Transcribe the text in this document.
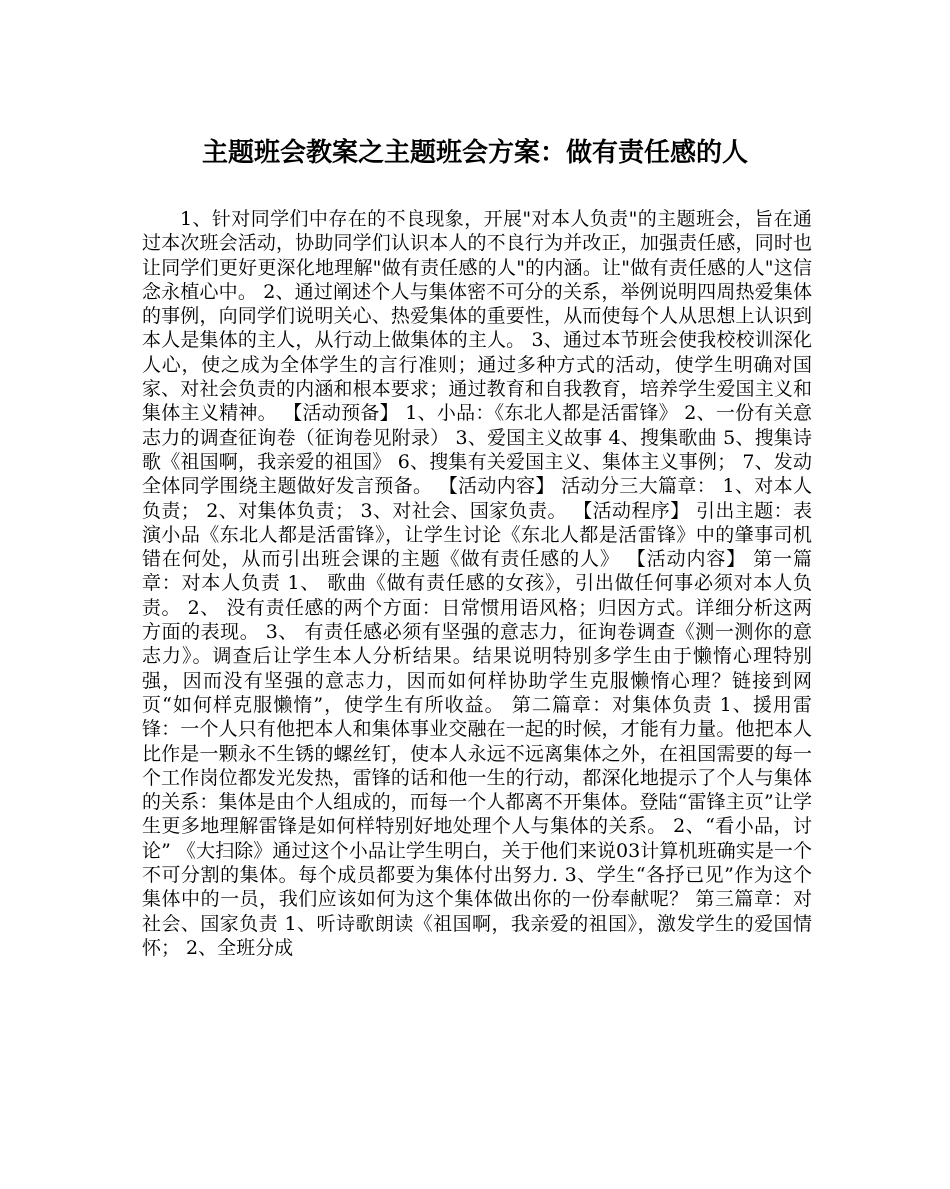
主题班会教案之主题班会方案：做有责任感的人
1、针对同学们中存在的不良现象，开展"对本人负责"的主题班会，旨在通过本次班会活动，协助同学们认识本人的不良行为并改正，加强责任感，同时也让同学们更好更深化地理解"做有责任感的人"的内涵。让"做有责任感的人"这信念永植心中。 2、通过阐述个人与集体密不可分的关系，举例说明四周热爱集体的事例，向同学们说明关心、热爱集体的重要性，从而使每个人从思想上认识到本人是集体的主人，从行动上做集体的主人。 3、通过本节班会使我校校训深化人心，使之成为全体学生的言行准则；通过多种方式的活动，使学生明确对国家、对社会负责的内涵和根本要求；通过教育和自我教育，培养学生爱国主义和集体主义精神。 【活动预备】 1、小品：《东北人都是活雷锋》 2、一份有关意志力的调查征询卷（征询卷见附录） 3、爱国主义故事 4、搜集歌曲 5、搜集诗歌《祖国啊，我亲爱的祖国》 6、搜集有关爱国主义、集体主义事例； 7、发动全体同学围绕主题做好发言预备。 【活动内容】 活动分三大篇章： 1、对本人负责； 2、对集体负责； 3、对社会、国家负责。 【活动程序】 引出主题：表演小品《东北人都是活雷锋》，让学生讨论《东北人都是活雷锋》中的肇事司机错在何处，从而引出班会课的主题《做有责任感的人》 【活动内容】 第一篇章：对本人负责 1、 歌曲《做有责任感的女孩》，引出做任何事必须对本人负责。 2、 没有责任感的两个方面：日常惯用语风格；归因方式。详细分析这两方面的表现。 3、 有责任感必须有坚强的意志力，征询卷调查《测一测你的意志力》。调查后让学生本人分析结果。结果说明特别多学生由于懒惰心理特别强，因而没有坚强的意志力，因而如何样协助学生克服懒惰心理？链接到网页“如何样克服懒惰”，使学生有所收益。 第二篇章：对集体负责 1、援用雷锋：一个人只有他把本人和集体事业交融在一起的时候，才能有力量。他把本人比作是一颗永不生锈的螺丝钉，使本人永远不远离集体之外，在祖国需要的每一个工作岗位都发光发热，雷锋的话和他一生的行动，都深化地提示了个人与集体的关系：集体是由个人组成的，而每一个人都离不开集体。登陆“雷锋主页”让学生更多地理解雷锋是如何样特别好地处理个人与集体的关系。 2、“看小品，讨论” 《大扫除》通过这个小品让学生明白，关于他们来说03计算机班确实是一个不可分割的集体。每个成员都要为集体付出努力. 3、学生“各抒已见”作为这个集体中的一员，我们应该如何为这个集体做出你的一份奉献呢？ 第三篇章：对社会、国家负责 1、听诗歌朗读《祖国啊，我亲爱的祖国》，激发学生的爱国情怀； 2、全班分成
